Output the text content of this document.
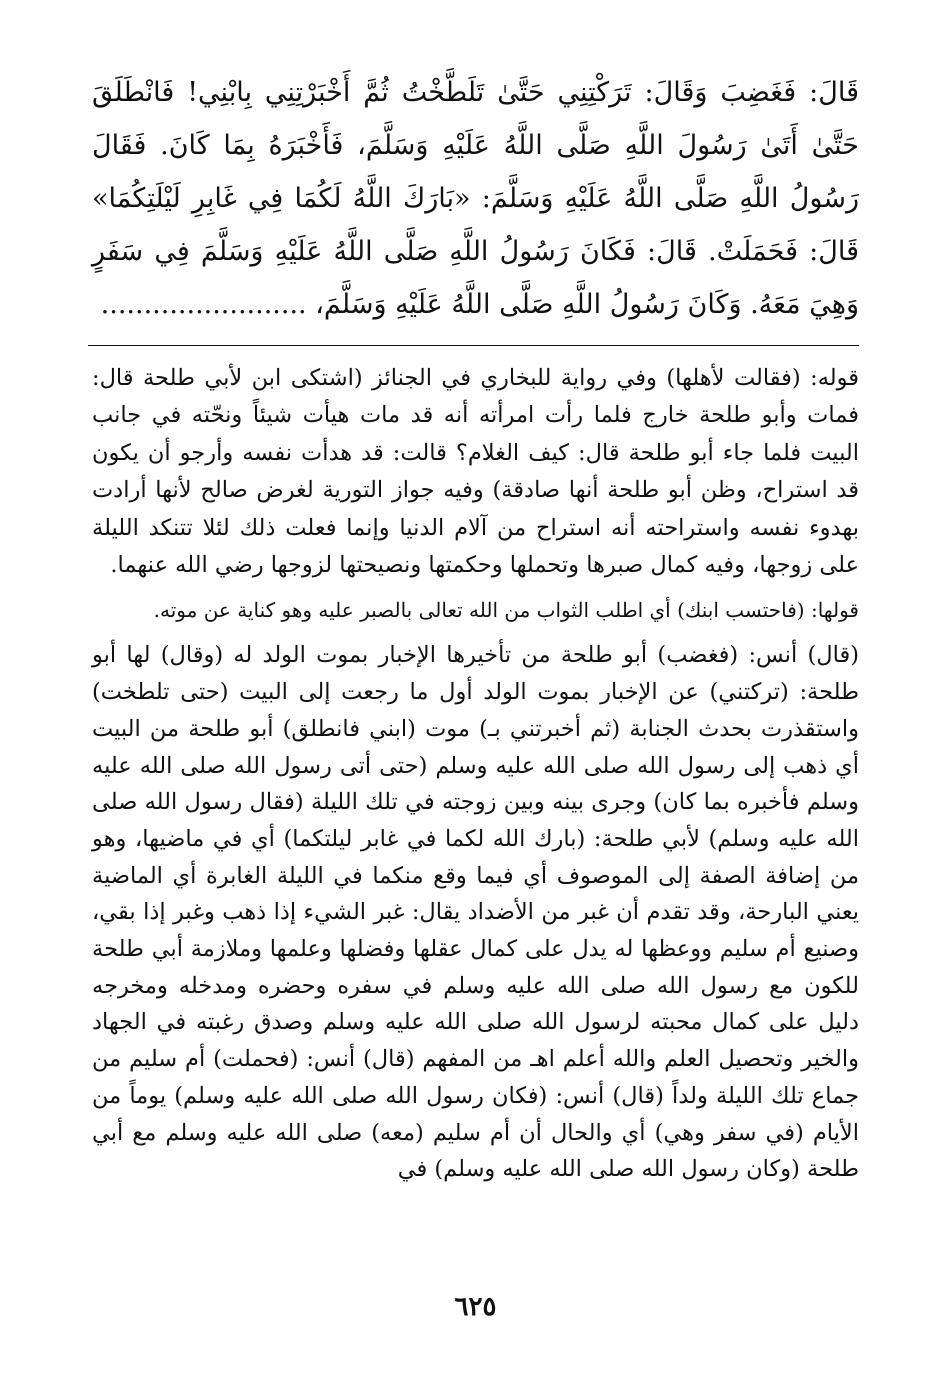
قَالَ: فَغَضِبَ وَقَالَ: تَرَكْتِنِي حَتَّىٰ تَلَطَّخْتُ ثُمَّ أَخْبَرْتِنِي بِابْنِي! فَانْطَلَقَ حَتَّىٰ أَتَىٰ رَسُولَ اللَّهِ صَلَّى اللَّهُ عَلَيْهِ وَسَلَّمَ، فَأَخْبَرَهُ بِمَا كَانَ. فَقَالَ رَسُولُ اللَّهِ صَلَّى اللَّهُ عَلَيْهِ وَسَلَّمَ: «بَارَكَ اللَّهُ لَكُمَا فِي غَابِرِ لَيْلَتِكُمَا» قَالَ: فَحَمَلَتْ. قَالَ: فَكَانَ رَسُولُ اللَّهِ صَلَّى اللَّهُ عَلَيْهِ وَسَلَّمَ فِي سَفَرٍ وَهِيَ مَعَهُ. وَكَانَ رَسُولُ اللَّهِ صَلَّى اللَّهُ عَلَيْهِ وَسَلَّمَ، ........................

قوله: (فقالت لأهلها) وفي رواية للبخاري في الجنائز (اشتكى ابن لأبي طلحة قال: فمات وأبو طلحة خارج فلما رأت امرأته أنه قد مات هيأت شيئاً ونحّته في جانب البيت فلما جاء أبو طلحة قال: كيف الغلام؟ قالت: قد هدأت نفسه وأرجو أن يكون قد استراح، وظن أبو طلحة أنها صادقة) وفيه جواز التورية لغرض صالح لأنها أرادت بهدوء نفسه واستراحته أنه استراح من آلام الدنيا وإنما فعلت ذلك لئلا تتنكد الليلة على زوجها، وفيه كمال صبرها وتحملها وحكمتها ونصيحتها لزوجها رضي الله عنهما.

قولها: (فاحتسب ابنك) أي اطلب الثواب من الله تعالى بالصبر عليه وهو كناية عن موته.

(قال) أنس: (فغضب) أبو طلحة من تأخيرها الإخبار بموت الولد له (وقال) لها أبو طلحة: (تركتني) عن الإخبار بموت الولد أول ما رجعت إلى البيت (حتى تلطخت) واستقذرت بحدث الجنابة (ثم أخبرتني بـ) موت (ابني فانطلق) أبو طلحة من البيت أي ذهب إلى رسول الله صلى الله عليه وسلم (حتى أتى رسول الله صلى الله عليه وسلم فأخبره بما كان) وجرى بينه وبين زوجته في تلك الليلة (فقال رسول الله صلى الله عليه وسلم) لأبي طلحة: (بارك الله لكما في غابر ليلتكما) أي في ماضيها، وهو من إضافة الصفة إلى الموصوف أي فيما وقع منكما في الليلة الغابرة أي الماضية يعني البارحة، وقد تقدم أن غبر من الأضداد يقال: غبر الشيء إذا ذهب وغبر إذا بقي، وصنيع أم سليم ووعظها له يدل على كمال عقلها وفضلها وعلمها وملازمة أبي طلحة للكون مع رسول الله صلى الله عليه وسلم في سفره وحضره ومدخله ومخرجه دليل على كمال محبته لرسول الله صلى الله عليه وسلم وصدق رغبته في الجهاد والخير وتحصيل العلم والله أعلم اهـ من المفهم (قال) أنس: (فحملت) أم سليم من جماع تلك الليلة ولداً (قال) أنس: (فكان رسول الله صلى الله عليه وسلم) يوماً من الأيام (في سفر وهي) أي والحال أن أم سليم (معه) صلى الله عليه وسلم مع أبي طلحة (وكان رسول الله صلى الله عليه وسلم) في

٦٢٥
